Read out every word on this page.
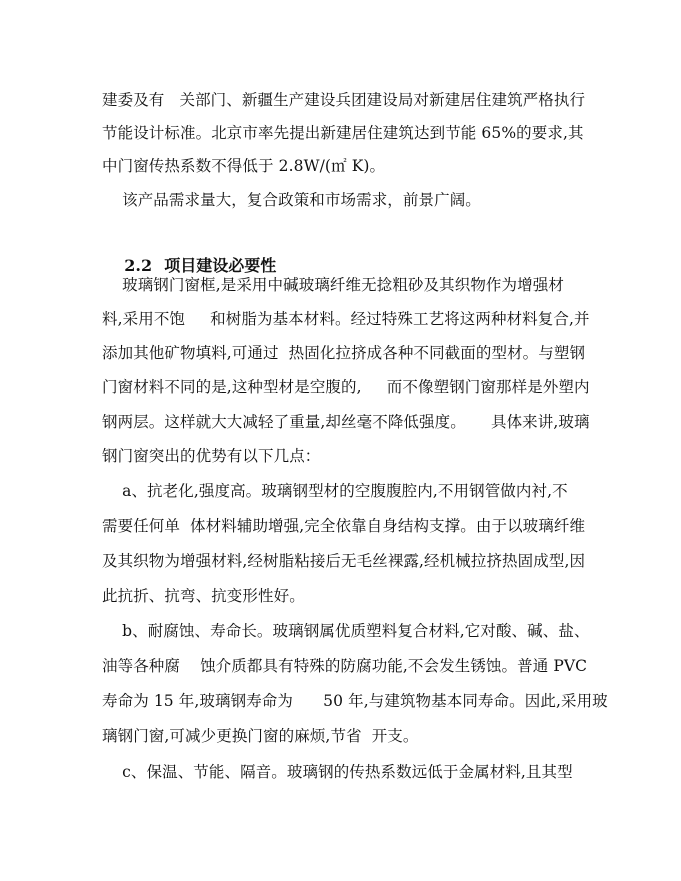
建委及有   关部门、新疆生产建设兵团建设局对新建居住建筑严格执行
节能设计标准。北京市率先提出新建居住建筑达到节能 65%的要求,其
中门窗传热系数不得低于 2.8W/(㎡ K)。
该产品需求量大，复合政策和市场需求，前景广阔。

2.2 项目建设必要性

玻璃钢门窗框,是采用中碱玻璃纤维无捻粗砂及其织物作为增强材
料,采用不饱     和树脂为基本材料。经过特殊工艺将这两种材料复合,并
添加其他矿物填料,可通过  热固化拉挤成各种不同截面的型材。与塑钢
门窗材料不同的是,这种型材是空腹的,     而不像塑钢门窗那样是外塑内
钢两层。这样就大大减轻了重量,却丝毫不降低强度。     具体来讲,玻璃
钢门窗突出的优势有以下几点：
a、抗老化,强度高。玻璃钢型材的空腹腹腔内,不用钢管做内衬,不
需要任何单  体材料辅助增强,完全依靠自身结构支撑。由于以玻璃纤维
及其织物为增强材料,经树脂粘接后无毛丝裸露,经机械拉挤热固成型,因
此抗折、抗弯、抗变形性好。
b、耐腐蚀、寿命长。玻璃钢属优质塑料复合材料,它对酸、碱、盐、
油等各种腐    蚀介质都具有特殊的防腐功能,不会发生锈蚀。普通 PVC
寿命为 15 年,玻璃钢寿命为      50 年,与建筑物基本同寿命。因此,采用玻
璃钢门窗,可减少更换门窗的麻烦,节省  开支。
c、保温、节能、隔音。玻璃钢的传热系数远低于金属材料,且其型
